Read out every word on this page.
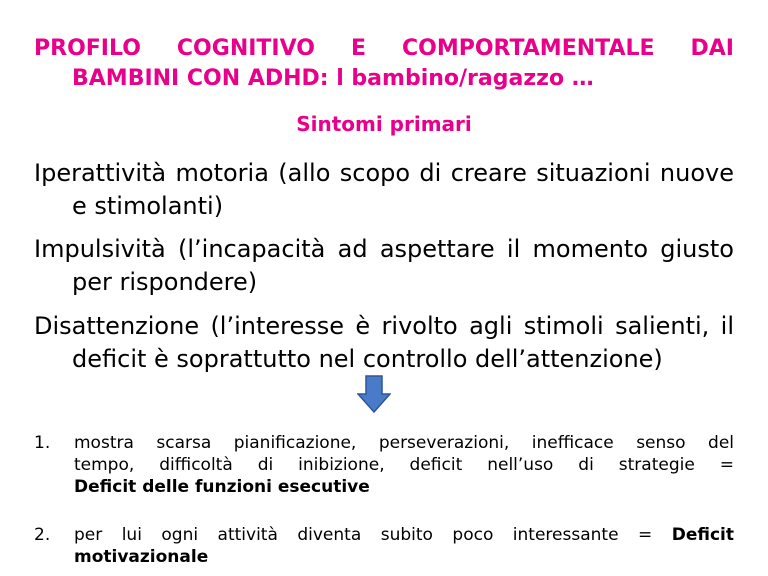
PROFILO COGNITIVO E COMPORTAMENTALE DAI
BAMBINI CON ADHD: l bambino/ragazzo …
Sintomi primari
Iperattività motoria (allo scopo di creare situazioni nuove
e stimolanti)
Impulsività (l’incapacità ad aspettare il momento giusto
per rispondere)
Disattenzione (l’interesse è rivolto agli stimoli salienti, il
deficit è soprattutto nel controllo dell’attenzione)
1. mostra scarsa pianificazione, perseverazioni, inefficace senso del
tempo, difficoltà di inibizione, deficit nell’uso di strategie =
Deficit delle funzioni esecutive
2. per lui ogni attività diventa subito poco interessante = Deficit
motivazionale
